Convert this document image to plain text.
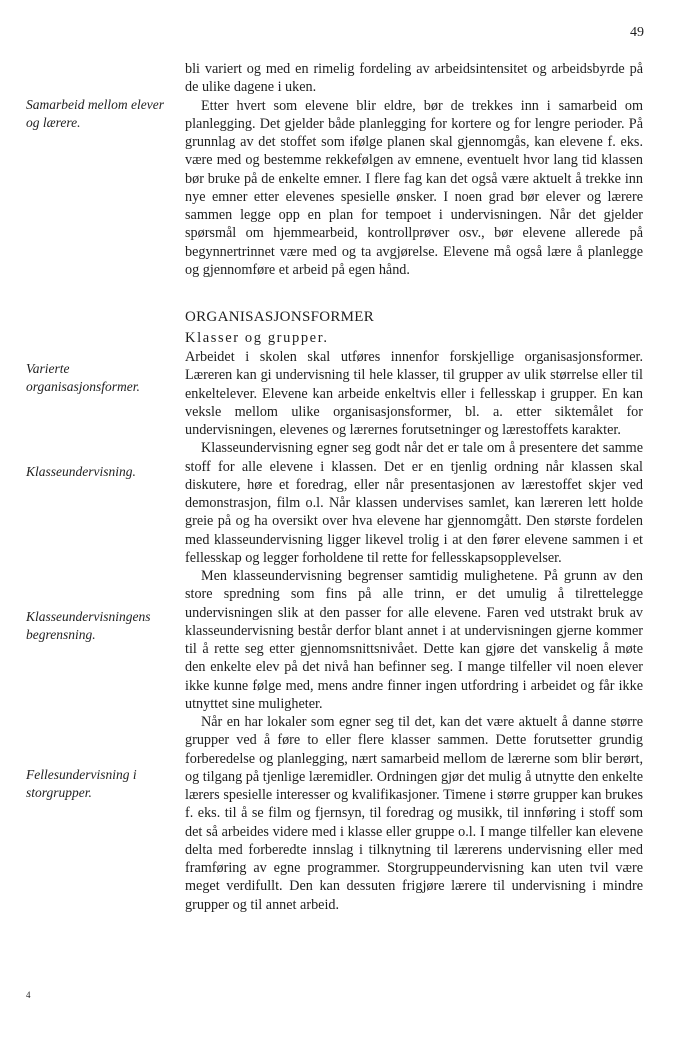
49
Samarbeid mellom elever og lærere.
Varierte organisasjonsformer.
Klasseundervisning.
Klasseundervisningens begrensning.
Fellesundervisning i storgrupper.

bli variert og med en rimelig fordeling av arbeidsintensitet og arbeidsbyrde på de ulike dagene i uken.

Etter hvert som elevene blir eldre, bør de trekkes inn i samarbeid om planlegging. Det gjelder både planlegging for kortere og for lengre perioder. På grunnlag av det stoffet som ifølge planen skal gjennomgås, kan elevene f. eks. være med og bestemme rekkefølgen av emnene, eventuelt hvor lang tid klassen bør bruke på de enkelte emner. I flere fag kan det også være aktuelt å trekke inn nye emner etter elevenes spesielle ønsker. I noen grad bør elever og lærere sammen legge opp en plan for tempoet i undervisningen. Når det gjelder spørsmål om hjemmearbeid, kontrollprøver osv., bør elevene allerede på begynnertrinnet være med og ta avgjørelse. Elevene må også lære å planlegge og gjennomføre et arbeid på egen hånd.

ORGANISASJONSFORMER
Klasser og grupper.

Arbeidet i skolen skal utføres innenfor forskjellige organisasjonsformer. Læreren kan gi undervisning til hele klasser, til grupper av ulik størrelse eller til enkeltelever. Elevene kan arbeide enkeltvis eller i fellesskap i grupper. En kan veksle mellom ulike organisasjonsformer, bl. a. etter siktemålet for undervisningen, elevenes og lærernes forutsetninger og lærestoffets karakter.

Klasseundervisning egner seg godt når det er tale om å presentere det samme stoff for alle elevene i klassen. Det er en tjenlig ordning når klassen skal diskutere, høre et foredrag, eller når presentasjonen av lærestoffet skjer ved demonstrasjon, film o.l. Når klassen undervises samlet, kan læreren lett holde greie på og ha oversikt over hva elevene har gjennomgått. Den største fordelen med klasseundervisning ligger likevel trolig i at den fører elevene sammen i et fellesskap og legger forholdene til rette for fellesskapsopplevelser.

Men klasseundervisning begrenser samtidig mulighetene. På grunn av den store spredning som fins på alle trinn, er det umulig å tilrettelegge undervisningen slik at den passer for alle elevene. Faren ved utstrakt bruk av klasseundervisning består derfor blant annet i at undervisningen gjerne kommer til å rette seg etter gjennomsnittsnivået. Dette kan gjøre det vanskelig å møte den enkelte elev på det nivå han befinner seg. I mange tilfeller vil noen elever ikke kunne følge med, mens andre finner ingen utfordring i arbeidet og får ikke utnyttet sine muligheter.

Når en har lokaler som egner seg til det, kan det være aktuelt å danne større grupper ved å føre to eller flere klasser sammen. Dette forutsetter grundig forberedelse og planlegging, nært samarbeid mellom de lærerne som blir berørt, og tilgang på tjenlige læremidler. Ordningen gjør det mulig å utnytte den enkelte lærers spesielle interesser og kvalifikasjoner. Timene i større grupper kan brukes f. eks. til å se film og fjernsyn, til foredrag og musikk, til innføring i stoff som det så arbeides videre med i klasse eller gruppe o.l. I mange tilfeller kan elevene delta med forberedte innslag i tilknytning til lærerens undervisning eller med framføring av egne programmer. Storgruppeundervisning kan uten tvil være meget verdifullt. Den kan dessuten frigjøre lærere til undervisning i mindre grupper og til annet arbeid.

4
